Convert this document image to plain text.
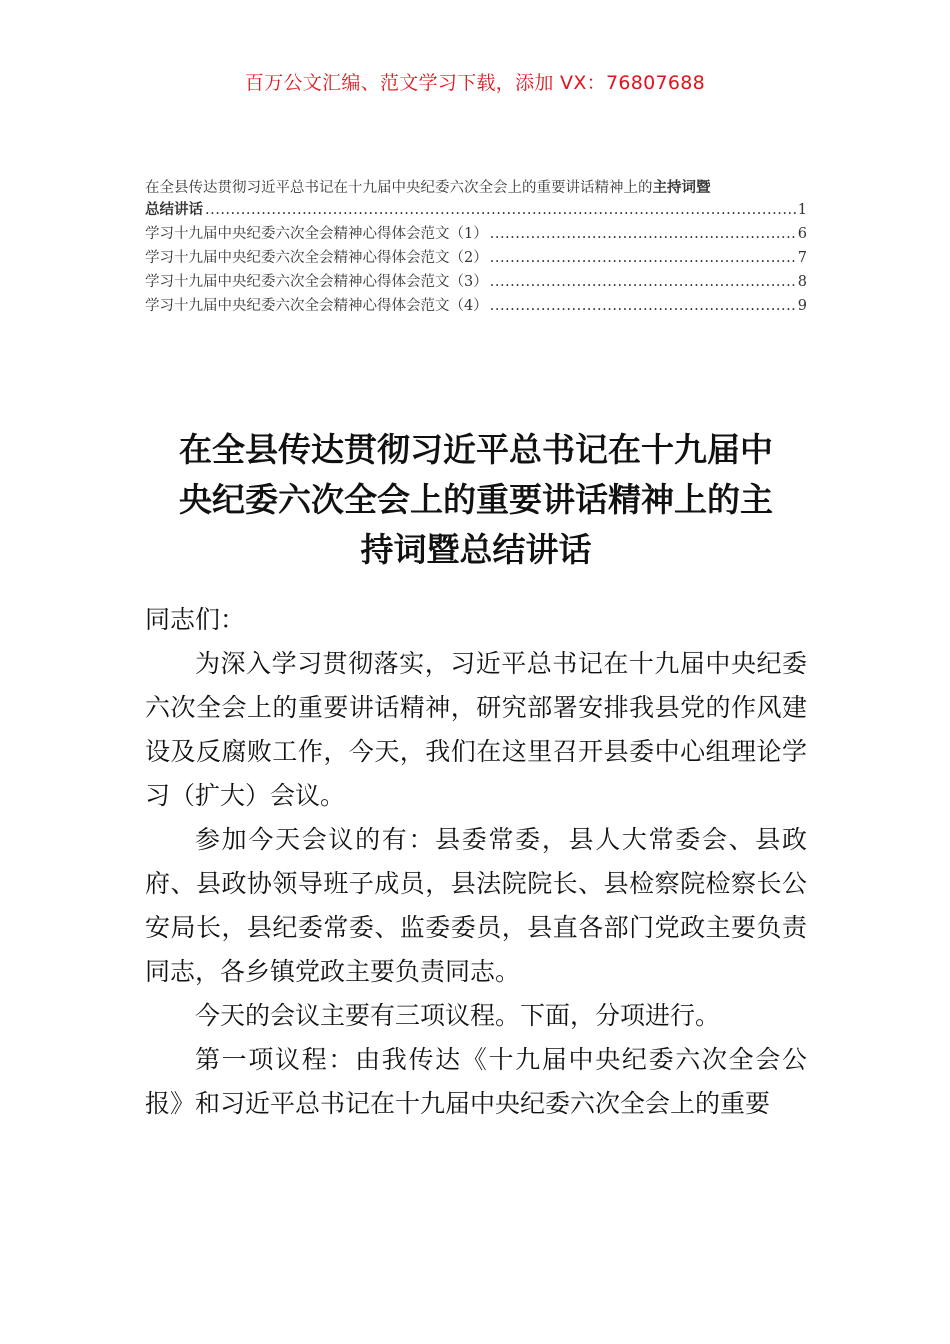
百万公文汇编、范文学习下载，添加 VX：76807688
在全县传达贯彻习近平总书记在十九届中央纪委六次全会上的重要讲话精神上的主持词暨
总结讲话 .....	1
学习十九届中央纪委六次全会精神心得体会范文（1） .....	6
学习十九届中央纪委六次全会精神心得体会范文（2） .....	7
学习十九届中央纪委六次全会精神心得体会范文（3） .....	8
学习十九届中央纪委六次全会精神心得体会范文（4） .....	9
在全县传达贯彻习近平总书记在十九届中
央纪委六次全会上的重要讲话精神上的主
持词暨总结讲话

同志们：

为深入学习贯彻落实，习近平总书记在十九届中央纪委六次全会上的重要讲话精神，研究部署安排我县党的作风建设及反腐败工作，今天，我们在这里召开县委中心组理论学习（扩大）会议。

参加今天会议的有：县委常委，县人大常委会、县政府、县政协领导班子成员，县法院院长、县检察院检察长公安局长，县纪委常委、监委委员，县直各部门党政主要负责同志，各乡镇党政主要负责同志。

今天的会议主要有三项议程。下面，分项进行。

第一项议程：由我传达《十九届中央纪委六次全会公报》和习近平总书记在十九届中央纪委六次全会上的重要
